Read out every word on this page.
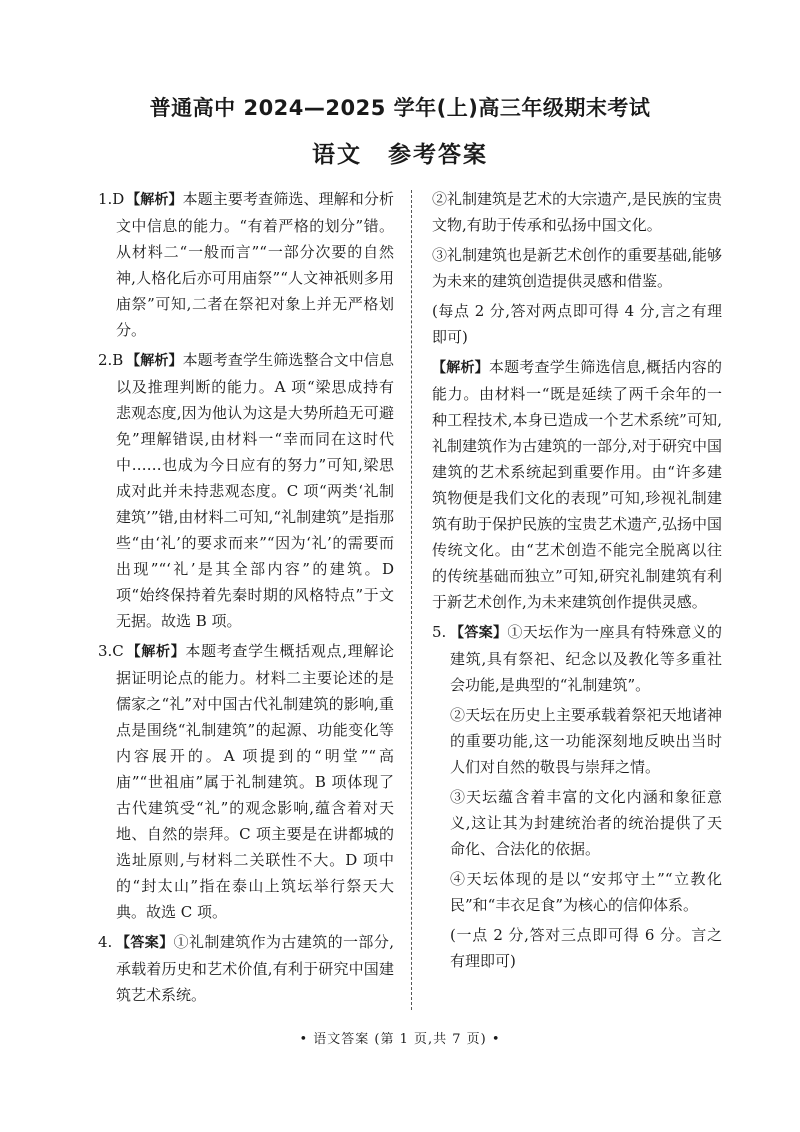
普通高中 2024—2025 学年(上)高三年级期末考试
语文 参考答案
1.D 【解析】本题主要考查筛选、理解和分析文中信息的能力。“有着严格的划分”错。从材料二“一般而言”“一部分次要的自然神,人格化后亦可用庙祭”“人文神祇则多用庙祭”可知,二者在祭祀对象上并无严格划分。
2.B 【解析】本题考查学生筛选整合文中信息以及推理判断的能力。A 项“梁思成持有悲观态度,因为他认为这是大势所趋无可避免”理解错误,由材料一“幸而同在这时代中……也成为今日应有的努力”可知,梁思成对此并未持悲观态度。C 项“两类‘礼制建筑’”错,由材料二可知,“礼制建筑”是指那些“由‘礼’的要求而来”“因为‘礼’的需要而出现”“‘礼’是其全部内容”的建筑。D 项“始终保持着先秦时期的风格特点”于文无据。故选 B 项。
3.C 【解析】本题考查学生概括观点,理解论据证明论点的能力。材料二主要论述的是儒家之“礼”对中国古代礼制建筑的影响,重点是围绕“礼制建筑”的起源、功能变化等内容展开的。A 项提到的“明堂”“高庙”“世祖庙”属于礼制建筑。B 项体现了古代建筑受“礼”的观念影响,蕴含着对天地、自然的崇拜。C 项主要是在讲都城的选址原则,与材料二关联性不大。D 项中的“封太山”指在泰山上筑坛举行祭天大典。故选 C 项。
4. 【答案】①礼制建筑作为古建筑的一部分,承载着历史和艺术价值,有利于研究中国建筑艺术系统。

②礼制建筑是艺术的大宗遗产,是民族的宝贵文物,有助于传承和弘扬中国文化。

③礼制建筑也是新艺术创作的重要基础,能够为未来的建筑创造提供灵感和借鉴。

(每点 2 分,答对两点即可得 4 分,言之有理即可)

【解析】本题考查学生筛选信息,概括内容的能力。由材料一“既是延续了两千余年的一种工程技术,本身已造成一个艺术系统”可知,礼制建筑作为古建筑的一部分,对于研究中国建筑的艺术系统起到重要作用。由“许多建筑物便是我们文化的表现”可知,珍视礼制建筑有助于保护民族的宝贵艺术遗产,弘扬中国传统文化。由“艺术创造不能完全脱离以往的传统基础而独立”可知,研究礼制建筑有利于新艺术创作,为未来建筑创作提供灵感。

5. 【答案】①天坛作为一座具有特殊意义的建筑,具有祭祀、纪念以及教化等多重社会功能,是典型的“礼制建筑”。

②天坛在历史上主要承载着祭祀天地诸神的重要功能,这一功能深刻地反映出当时人们对自然的敬畏与崇拜之情。

③天坛蕴含着丰富的文化内涵和象征意义,这让其为封建统治者的统治提供了天命化、合法化的依据。

④天坛体现的是以“安邦守土”“立教化民”和“丰衣足食”为核心的信仰体系。

(一点 2 分,答对三点即可得 6 分。言之有理即可)

• 语文答案 (第 1 页,共 7 页) •
